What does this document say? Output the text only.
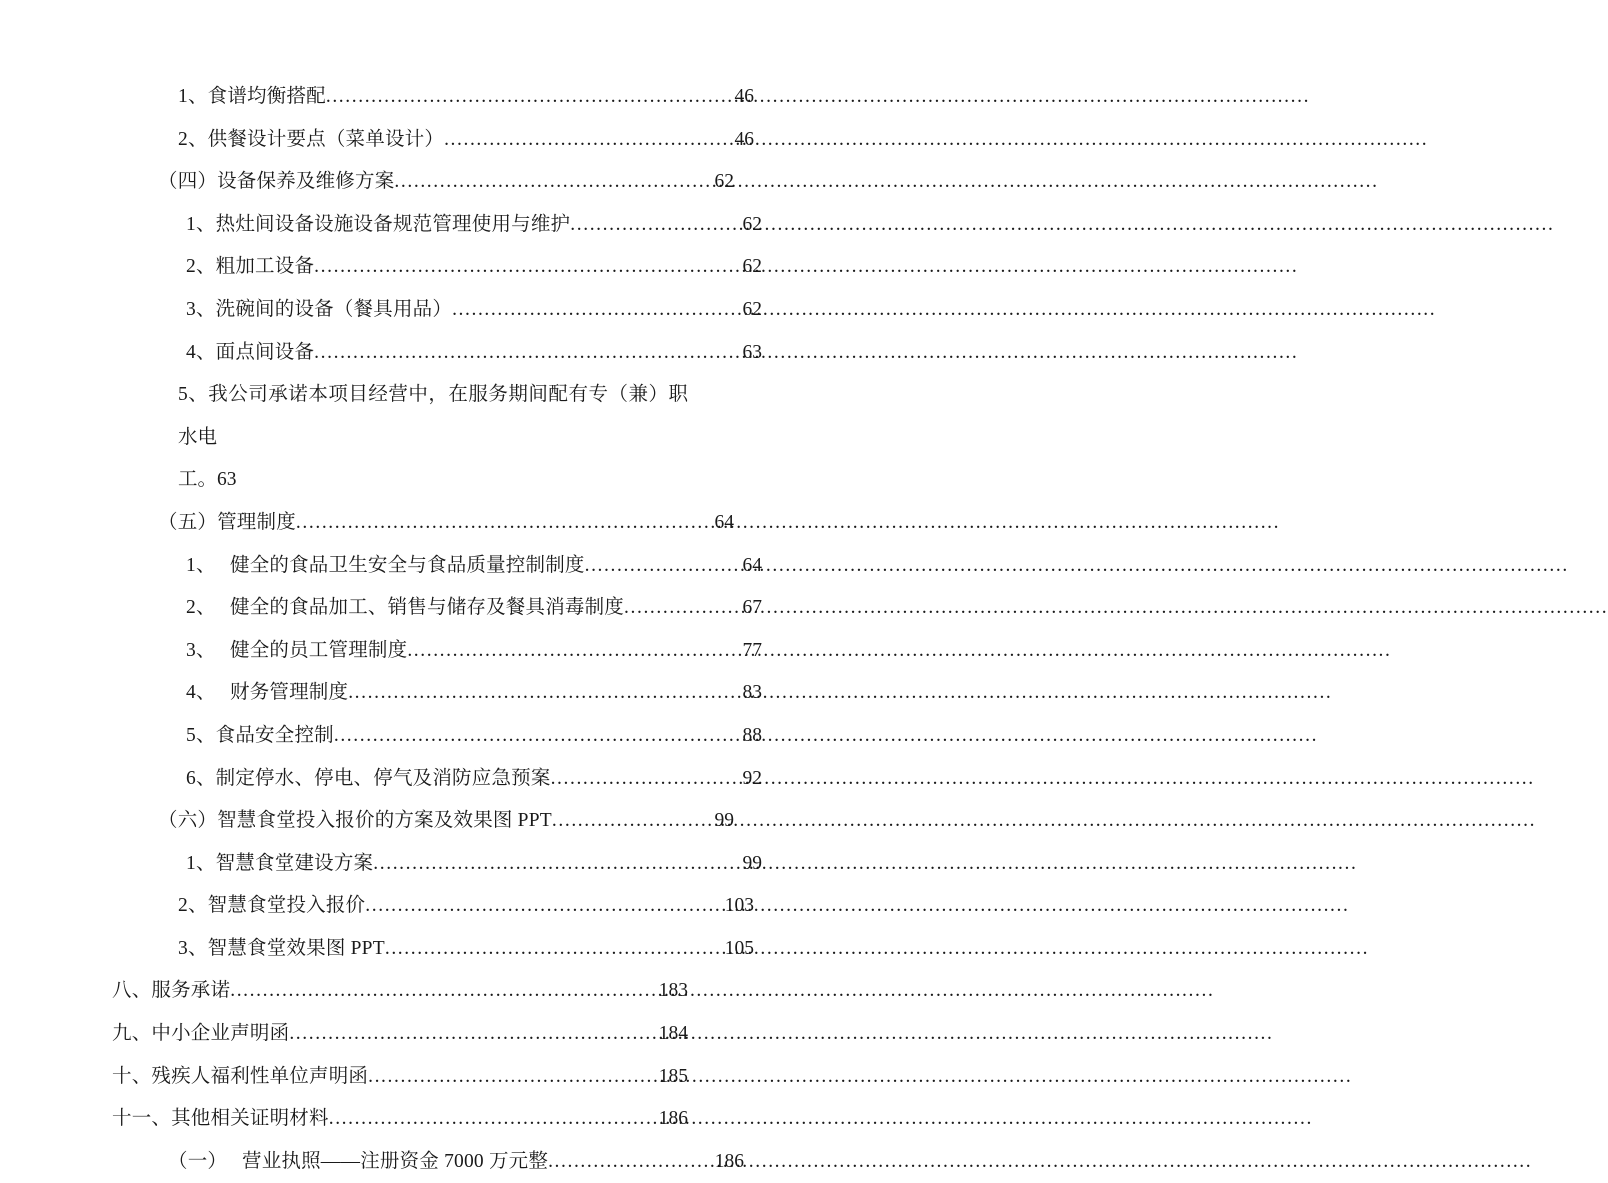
1、食谱均衡搭配 .....	46
2、供餐设计要点（菜单设计） .....	46
（四）设备保养及维修方案 .....	62
1、热灶间设备设施设备规范管理使用与维护 .....	62
2、粗加工设备 .....	62
3、洗碗间的设备（餐具用品） .....	62
4、面点间设备 .....	63
5、我公司承诺本项目经营中，在服务期间配有专（兼）职水电
工。63
（五）管理制度 .....	64
1、 健全的食品卫生安全与食品质量控制制度 .....	64
2、 健全的食品加工、销售与储存及餐具消毒制度 .....	67
3、 健全的员工管理制度 .....	77
4、 财务管理制度 .....	83
5、食品安全控制 .....	88
6、制定停水、停电、停气及消防应急预案 .....	92
（六）智慧食堂投入报价的方案及效果图 PPT .....	99
1、智慧食堂建设方案 .....	99
2、智慧食堂投入报价 .....	103
3、智慧食堂效果图 PPT .....	105
八、服务承诺 .....	183
九、中小企业声明函 .....	184
十、残疾人福利性单位声明函 .....	185
十一、其他相关证明材料 .....	186
（一） 营业执照——注册资金 7000 万元整 .....	186
